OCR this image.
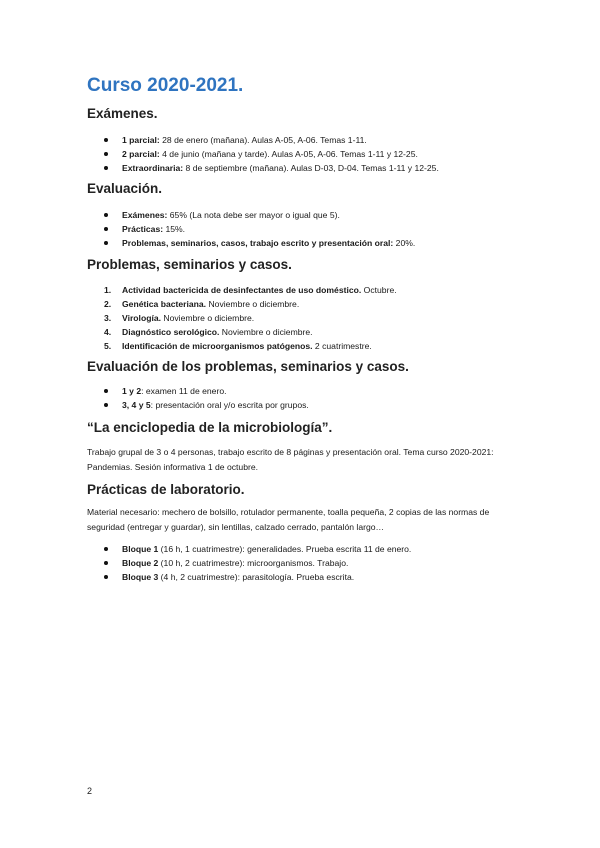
Curso 2020-2021.
Exámenes.
1 parcial: 28 de enero (mañana). Aulas A-05, A-06. Temas 1-11.
2 parcial: 4 de junio (mañana y tarde). Aulas A-05, A-06. Temas 1-11 y 12-25.
Extraordinaria: 8 de septiembre (mañana). Aulas D-03, D-04. Temas 1-11 y 12-25.
Evaluación.
Exámenes: 65% (La nota debe ser mayor o igual que 5).
Prácticas: 15%.
Problemas, seminarios, casos, trabajo escrito y presentación oral: 20%.
Problemas, seminarios y casos.
1. Actividad bactericida de desinfectantes de uso doméstico. Octubre.
2. Genética bacteriana. Noviembre o diciembre.
3. Virología. Noviembre o diciembre.
4. Diagnóstico serológico. Noviembre o diciembre.
5. Identificación de microorganismos patógenos. 2 cuatrimestre.
Evaluación de los problemas, seminarios y casos.
1 y 2: examen 11 de enero.
3, 4 y 5: presentación oral y/o escrita por grupos.
“La enciclopedia de la microbiología”.

Trabajo grupal de 3 o 4 personas, trabajo escrito de 8 páginas y presentación oral. Tema curso 2020-2021: Pandemias. Sesión informativa 1 de octubre.

Prácticas de laboratorio.

Material necesario: mechero de bolsillo, rotulador permanente, toalla pequeña, 2 copias de las normas de seguridad (entregar y guardar), sin lentillas, calzado cerrado, pantalón largo…

Bloque 1 (16 h, 1 cuatrimestre): generalidades. Prueba escrita 11 de enero.
Bloque 2 (10 h, 2 cuatrimestre): microorganismos. Trabajo.
Bloque 3 (4 h, 2 cuatrimestre): parasitología. Prueba escrita.
2
